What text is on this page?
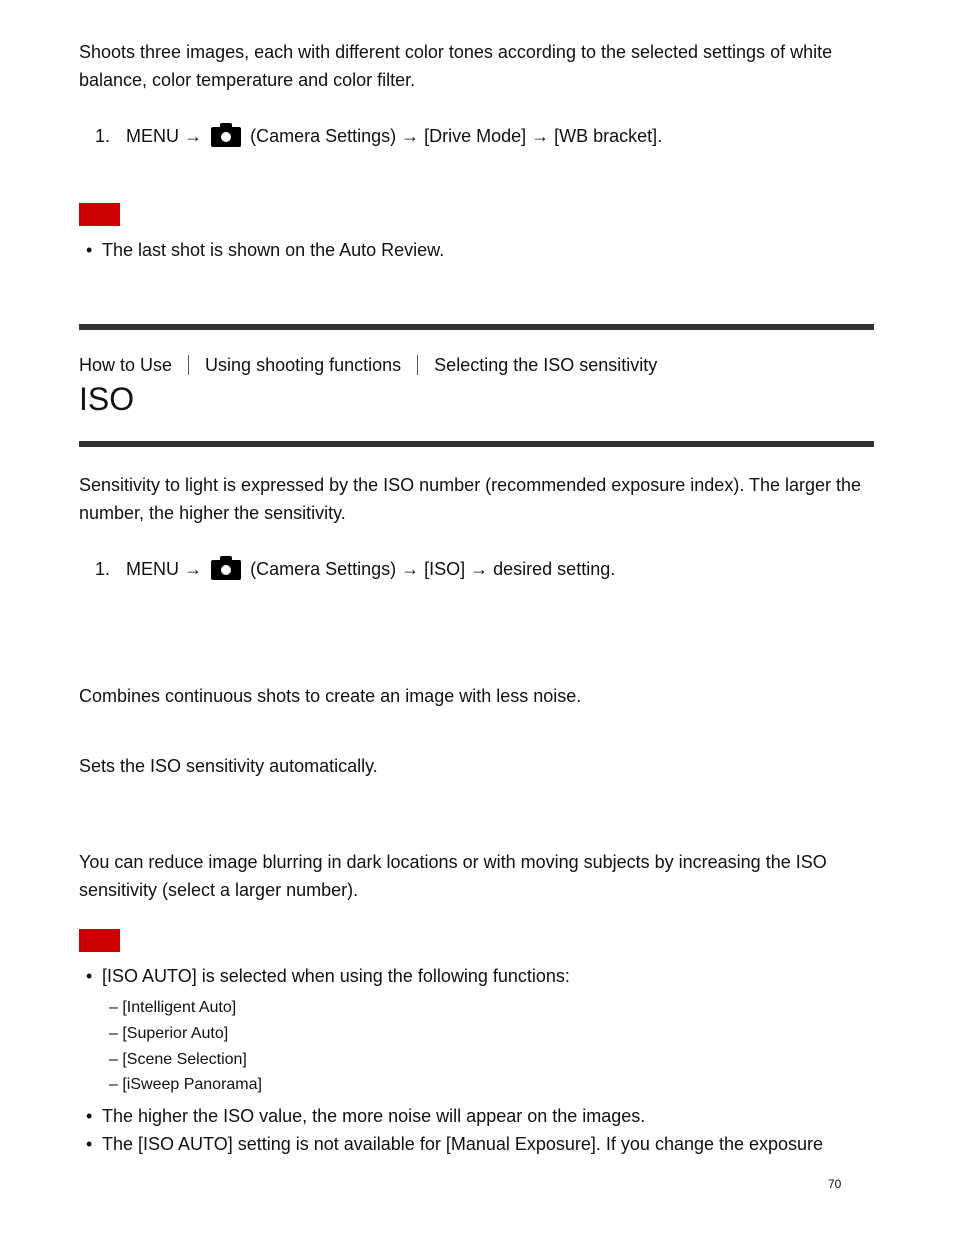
Shoots three images, each with different color tones according to the selected settings of white balance, color temperature and color filter.
1. MENU →	(Camera Settings) → [Drive Mode] → [WB bracket].
• The last shot is shown on the Auto Review.
How to Use Using shooting functions Selecting the ISO sensitivity
ISO
Sensitivity to light is expressed by the ISO number (recommended exposure index). The larger the number, the higher the sensitivity.
1. MENU →	(Camera Settings) → [ISO] → desired setting.
Combines continuous shots to create an image with less noise.
Sets the ISO sensitivity automatically.
You can reduce image blurring in dark locations or with moving subjects by increasing the ISO sensitivity (select a larger number).
• [ISO AUTO] is selected when using the following functions:
– [Intelligent Auto]
– [Superior Auto]
– [Scene Selection]
– [iSweep Panorama]
• The higher the ISO value, the more noise will appear on the images.
• The [ISO AUTO] setting is not available for [Manual Exposure]. If you change the exposure
70
